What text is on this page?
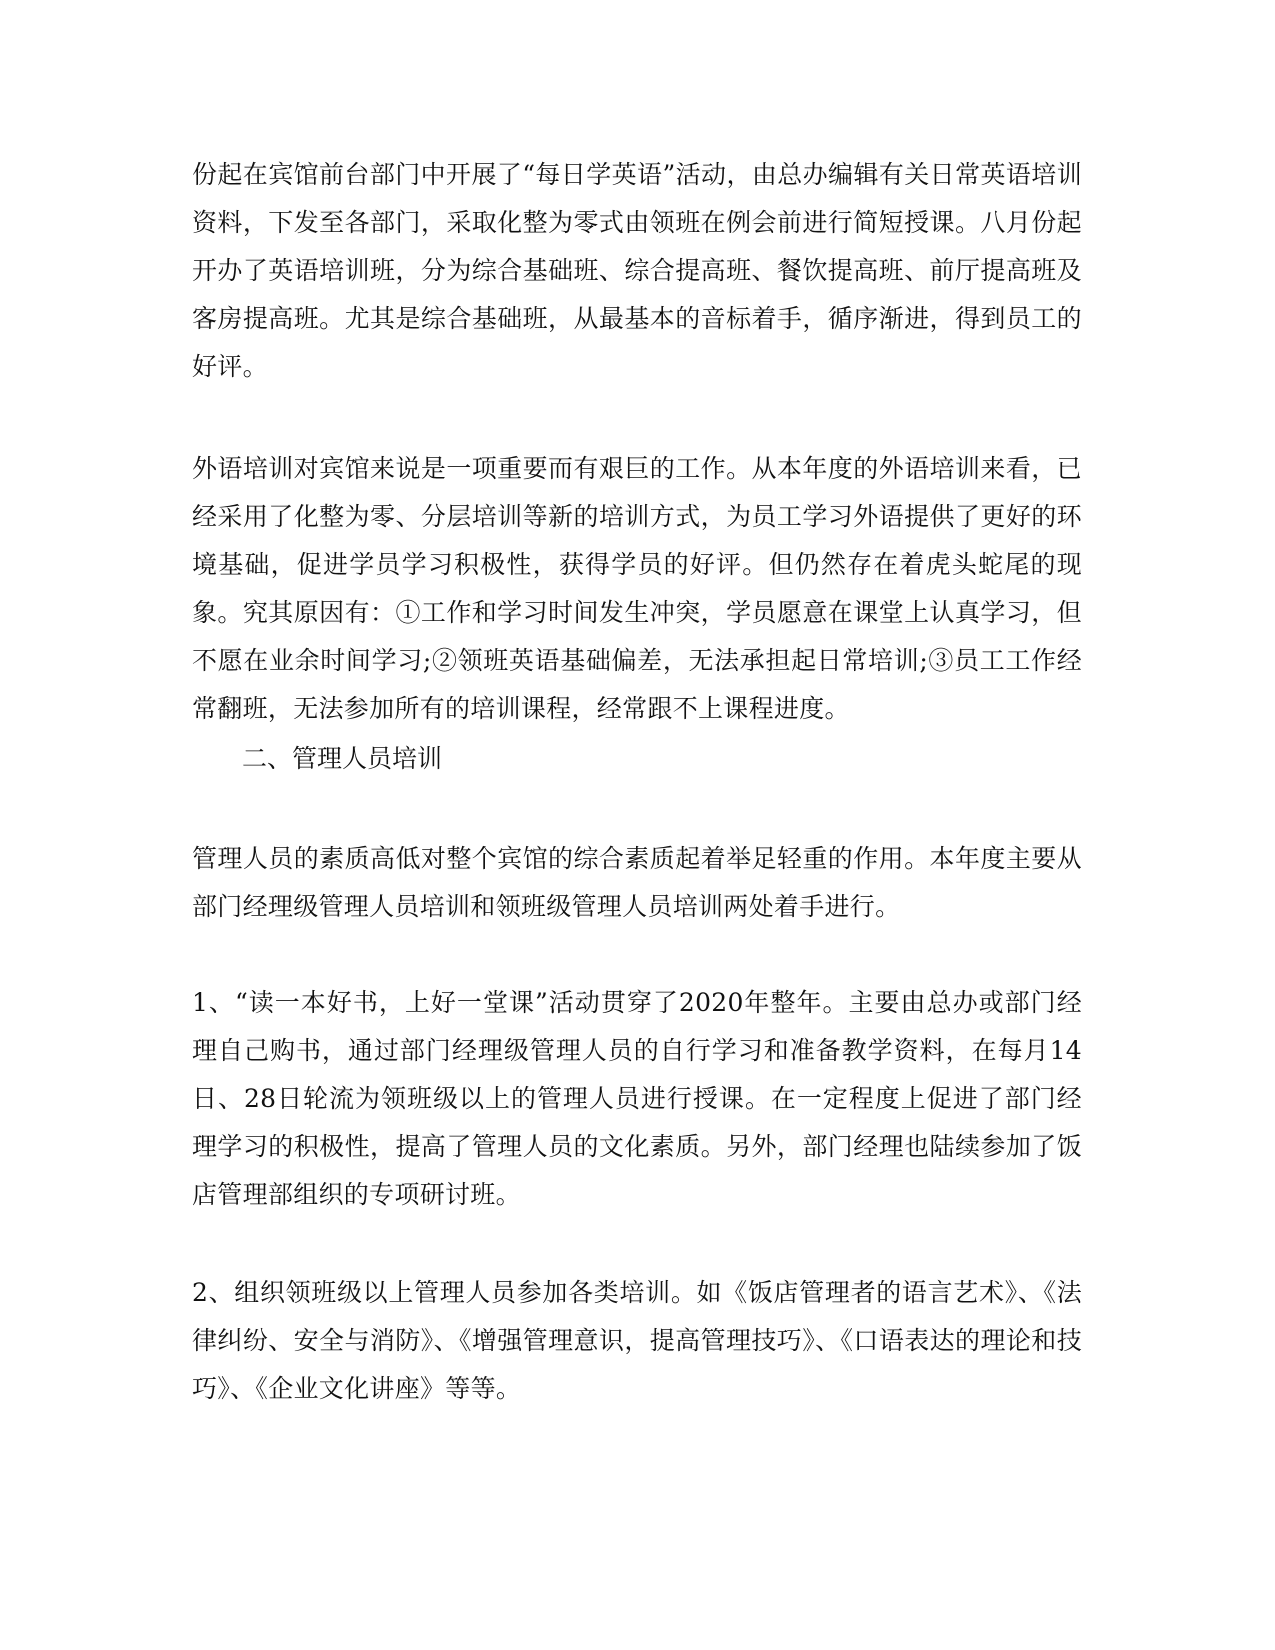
份起在宾馆前台部门中开展了“每日学英语”活动，由总办编辑有关日常英语培训资料，下发至各部门，采取化整为零式由领班在例会前进行简短授课。八月份起开办了英语培训班，分为综合基础班、综合提高班、餐饮提高班、前厅提高班及客房提高班。尤其是综合基础班，从最基本的音标着手，循序渐进，得到员工的好评。

外语培训对宾馆来说是一项重要而有艰巨的工作。从本年度的外语培训来看，已经采用了化整为零、分层培训等新的培训方式，为员工学习外语提供了更好的环境基础，促进学员学习积极性，获得学员的好评。但仍然存在着虎头蛇尾的现象。究其原因有：①工作和学习时间发生冲突，学员愿意在课堂上认真学习，但不愿在业余时间学习;②领班英语基础偏差，无法承担起日常培训;③员工工作经常翻班，无法参加所有的培训课程，经常跟不上课程进度。

二、管理人员培训

管理人员的素质高低对整个宾馆的综合素质起着举足轻重的作用。本年度主要从部门经理级管理人员培训和领班级管理人员培训两处着手进行。

1、“读一本好书，上好一堂课”活动贯穿了2020年整年。主要由总办或部门经理自己购书，通过部门经理级管理人员的自行学习和准备教学资料，在每月14日、28日轮流为领班级以上的管理人员进行授课。在一定程度上促进了部门经理学习的积极性，提高了管理人员的文化素质。另外，部门经理也陆续参加了饭店管理部组织的专项研讨班。

2、组织领班级以上管理人员参加各类培训。如《饭店管理者的语言艺术》、《法律纠纷、安全与消防》、《增强管理意识，提高管理技巧》、《口语表达的理论和技巧》、《企业文化讲座》等等。
